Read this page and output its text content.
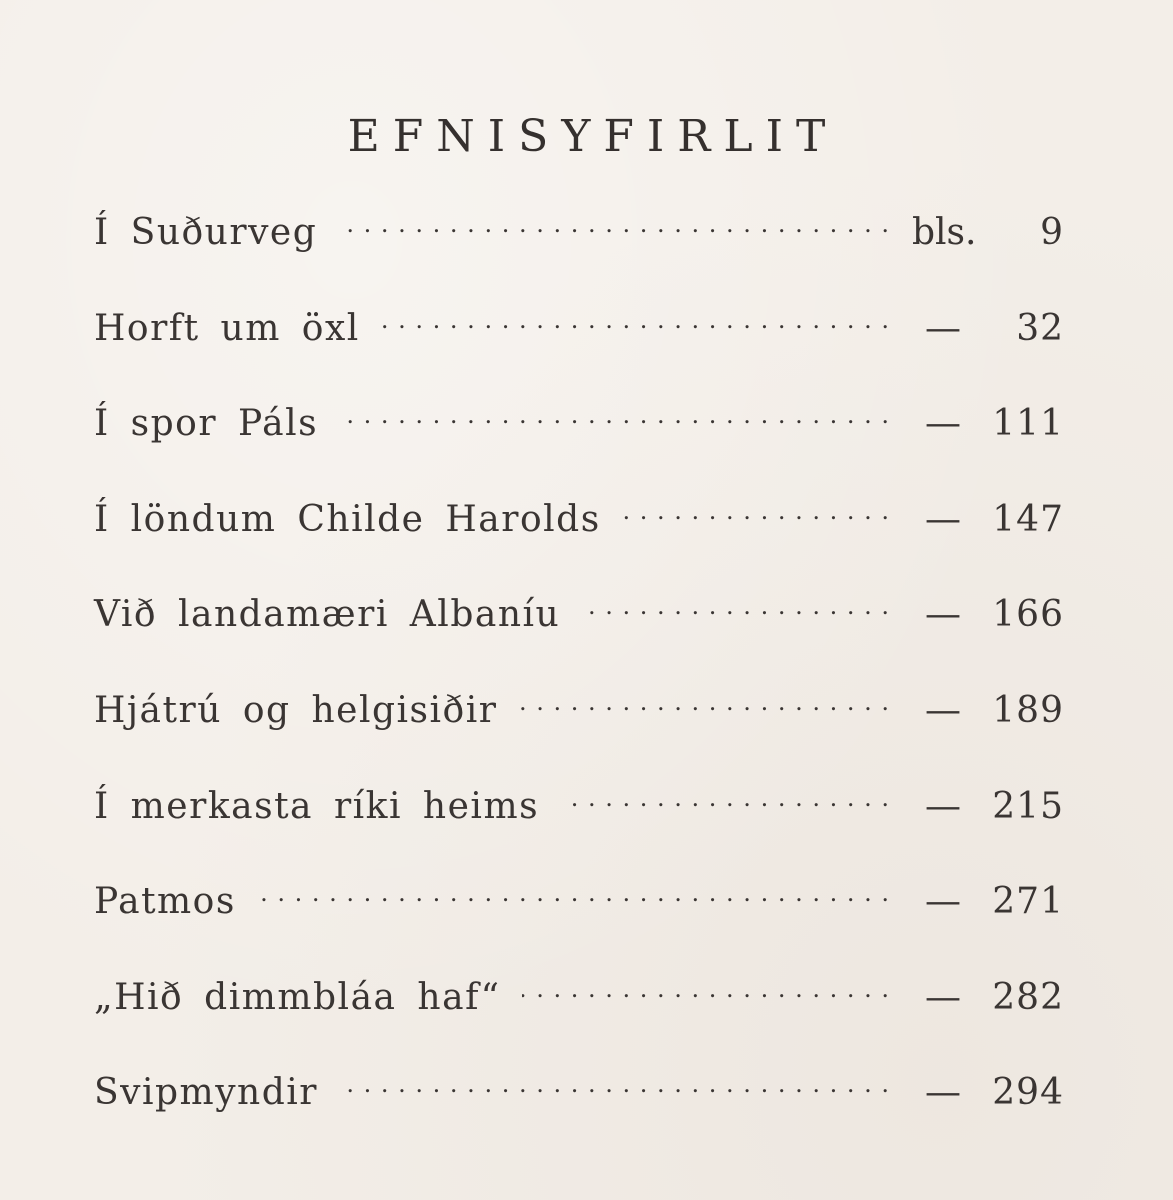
EFNISYFIRLIT
Í Suðurveg . . .	bls.	9
Horft um öxl . . .	—	32
Í spor Páls . . .	— 111
Í löndum Childe Harolds . . .	— 147
Við landamæri Albaníu . . .	— 166
Hjátrú og helgisiðir . . .	— 189
Í merkasta ríki heims . . .	— 215
Patmos . . .	— 271
„Hið dimmbláa haf“ . . .	— 282
Svipmyndir . . .	— 294
